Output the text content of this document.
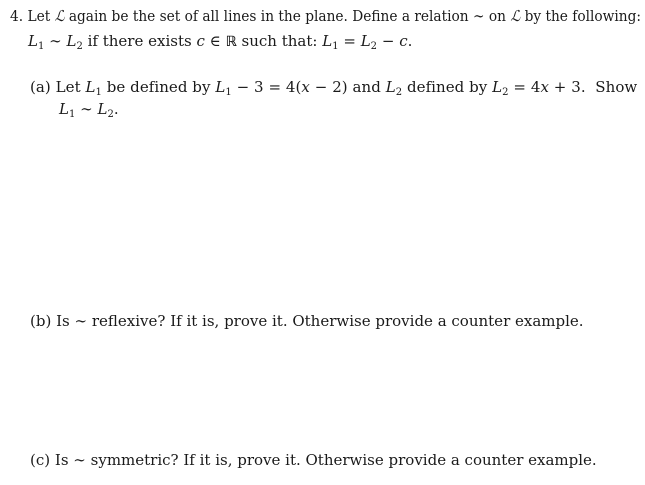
4. Let ℒ again be the set of all lines in the plane. Define a relation ∼ on ℒ by the following:
$L_1$ ∼ $L_2$ if there exists c ∈ ℝ such that: $L_1 = L_2 - c$.
(a) Let $L_1$ be defined by $L_1 - 3 = 4(x - 2)$ and $L_2$ defined by $L_2 = 4x + 3$. Show
$L_1$ ∼ $L_2$.
(b) Is ∼ reflexive? If it is, prove it. Otherwise provide a counter example.
(c) Is ∼ symmetric? If it is, prove it. Otherwise provide a counter example.
